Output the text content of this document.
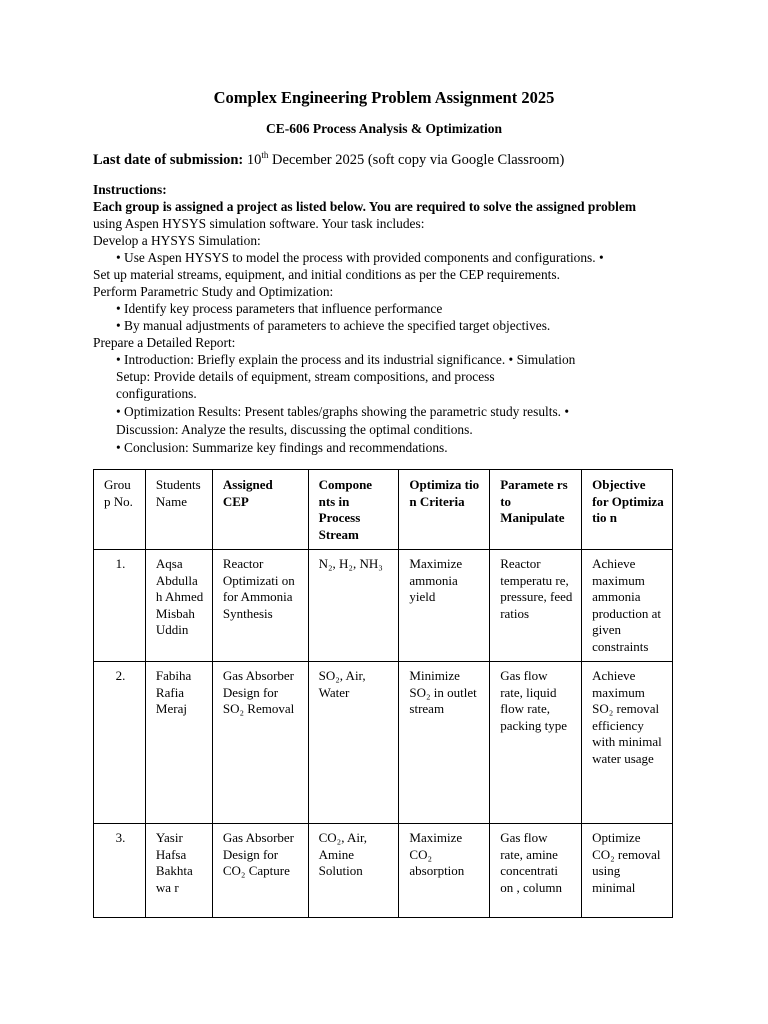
Complex Engineering Problem Assignment 2025
CE-606 Process Analysis & Optimization
Last date of submission: 10th December 2025 (soft copy via Google Classroom)
Instructions:
Each group is assigned a project as listed below. You are required to solve the assigned problem
using Aspen HYSYS simulation software. Your task includes:
Develop a HYSYS Simulation:
• Use Aspen HYSYS to model the process with provided components and configurations. •
Set up material streams, equipment, and initial conditions as per the CEP requirements.
Perform Parametric Study and Optimization:
• Identify key process parameters that influence performance
• By manual adjustments of parameters to achieve the specified target objectives.
Prepare a Detailed Report:
• Introduction: Briefly explain the process and its industrial significance. • Simulation
Setup: Provide details of equipment, stream compositions, and process
configurations.
• Optimization Results: Present tables/graphs showing the parametric study results. •
Discussion: Analyze the results, discussing the optimal conditions.
• Conclusion: Summarize key findings and recommendations.
Grou p No.	Students Name	Assigned CEP	Compone nts in Process Stream	Optimiza tio n Criteria	Paramete rs to Manipulate	Objective for Optimiza tio n
1.	Aqsa Abdulla h Ahmed Misbah Uddin	Reactor Optimizati on for Ammonia Synthesis	N₂, H₂, NH₃	Maximize ammonia yield	Reactor temperatu re, pressure, feed ratios	Achieve maximum ammonia production at given constraints
2.	Fabiha Rafia Meraj	Gas Absorber Design for SO₂ Removal	SO₂, Air, Water	Minimize SO₂ in outlet stream	Gas flow rate, liquid flow rate, packing type	Achieve maximum SO₂ removal efficiency with minimal water usage
3.	Yasir Hafsa Bakhta wa r	Gas Absorber Design for CO₂ Capture	CO₂, Air, Amine Solution	Maximize CO₂ absorption	Gas flow rate, amine concentrati on , column	Optimize CO₂ removal using minimal
